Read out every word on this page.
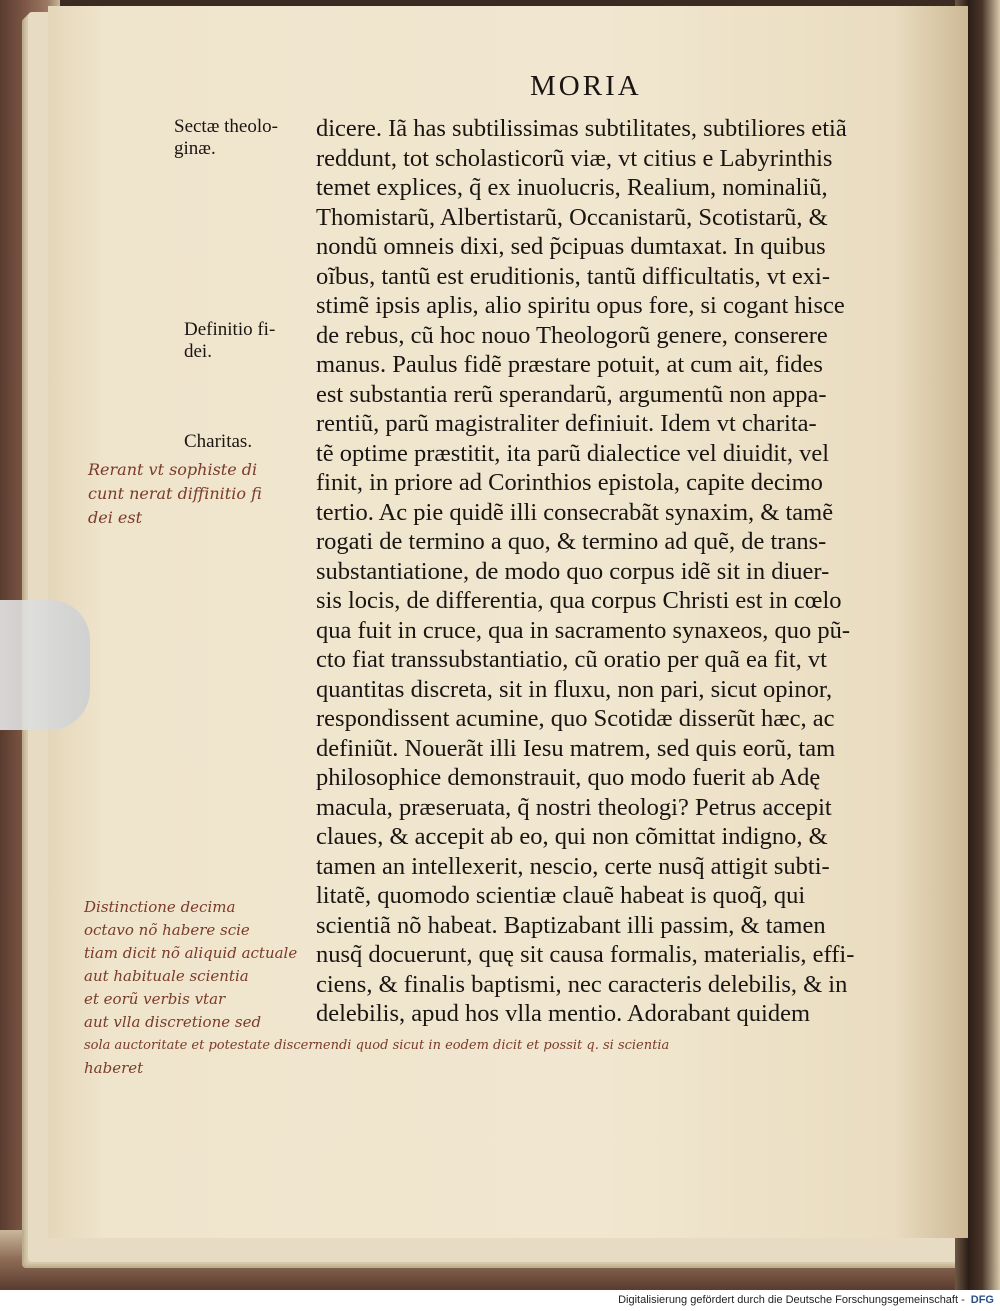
MORIA
Sectæ theolo-
ginæ.
Definitio fi-
dei.
Charitas.
Rerant vt sophiste di
cunt nerat diffinitio fi
dei est
Distinctione decima
octavo nõ habere scie
tiam dicit nõ aliquid actuale
aut habituale scientia
et eorũ verbis vtar
aut vlla discretione sed
sola auctoritate et potestate discernendi quod sicut in eodem dicit et possit q. si scientia
haberet
dicere. Iã has subtilissimas subtilitates, subtiliores etiã
reddunt, tot scholasticorũ viæ, vt citius e Labyrinthis
temet explices, q̃ ex inuolucris, Realium, nominaliũ,
Thomistarũ, Albertistarũ, Occanistarũ, Scotistarũ, &
nondũ omneis dixi, sed p̃cipuas dumtaxat. In quibus
oĩbus, tantũ est eruditionis, tantũ difficultatis, vt exi-
stimẽ ipsis aplis, alio spiritu opus fore, si cogant hisce
de rebus, cũ hoc nouo Theologorũ genere, conserere
manus. Paulus fidẽ præstare potuit, at cum ait, fides
est substantia rerũ sperandarũ, argumentũ non appa-
rentiũ, parũ magistraliter definiuit. Idem vt charita-
tẽ optime præstitit, ita parũ dialectice vel diuidit, vel
finit, in priore ad Corinthios epistola, capite decimo
tertio. Ac pie quidẽ illi consecrabãt synaxim, & tamẽ
rogati de termino a quo, & termino ad quẽ, de trans-
substantiatione, de modo quo corpus idẽ sit in diuer-
sis locis, de differentia, qua corpus Christi est in cœlo
qua fuit in cruce, qua in sacramento synaxeos, quo pũ-
cto fiat transsubstantiatio, cũ oratio per quã ea fit, vt
quantitas discreta, sit in fluxu, non pari, sicut opinor,
respondissent acumine, quo Scotidæ disserũt hæc, ac
definiũt. Nouerãt illi Iesu matrem, sed quis eorũ, tam
philosophice demonstrauit, quo modo fuerit ab Adę
macula, præseruata, q̃ nostri theologi? Petrus accepit
claues, & accepit ab eo, qui non cõmittat indigno, &
tamen an intellexerit, nescio, certe nusq̃ attigit subti-
litatẽ, quomodo scientiæ clauẽ habeat is quoq̃, qui
scientiã nõ habeat. Baptizabant illi passim, & tamen
nusq̃ docuerunt, quę sit causa formalis, materialis, effi-
ciens, & finalis baptismi, nec caracteris delebilis, & in
delebilis, apud hos vlla mentio. Adorabant quidem
Digitalisierung gefördert durch die Deutsche Forschungsgemeinschaft - DFG
